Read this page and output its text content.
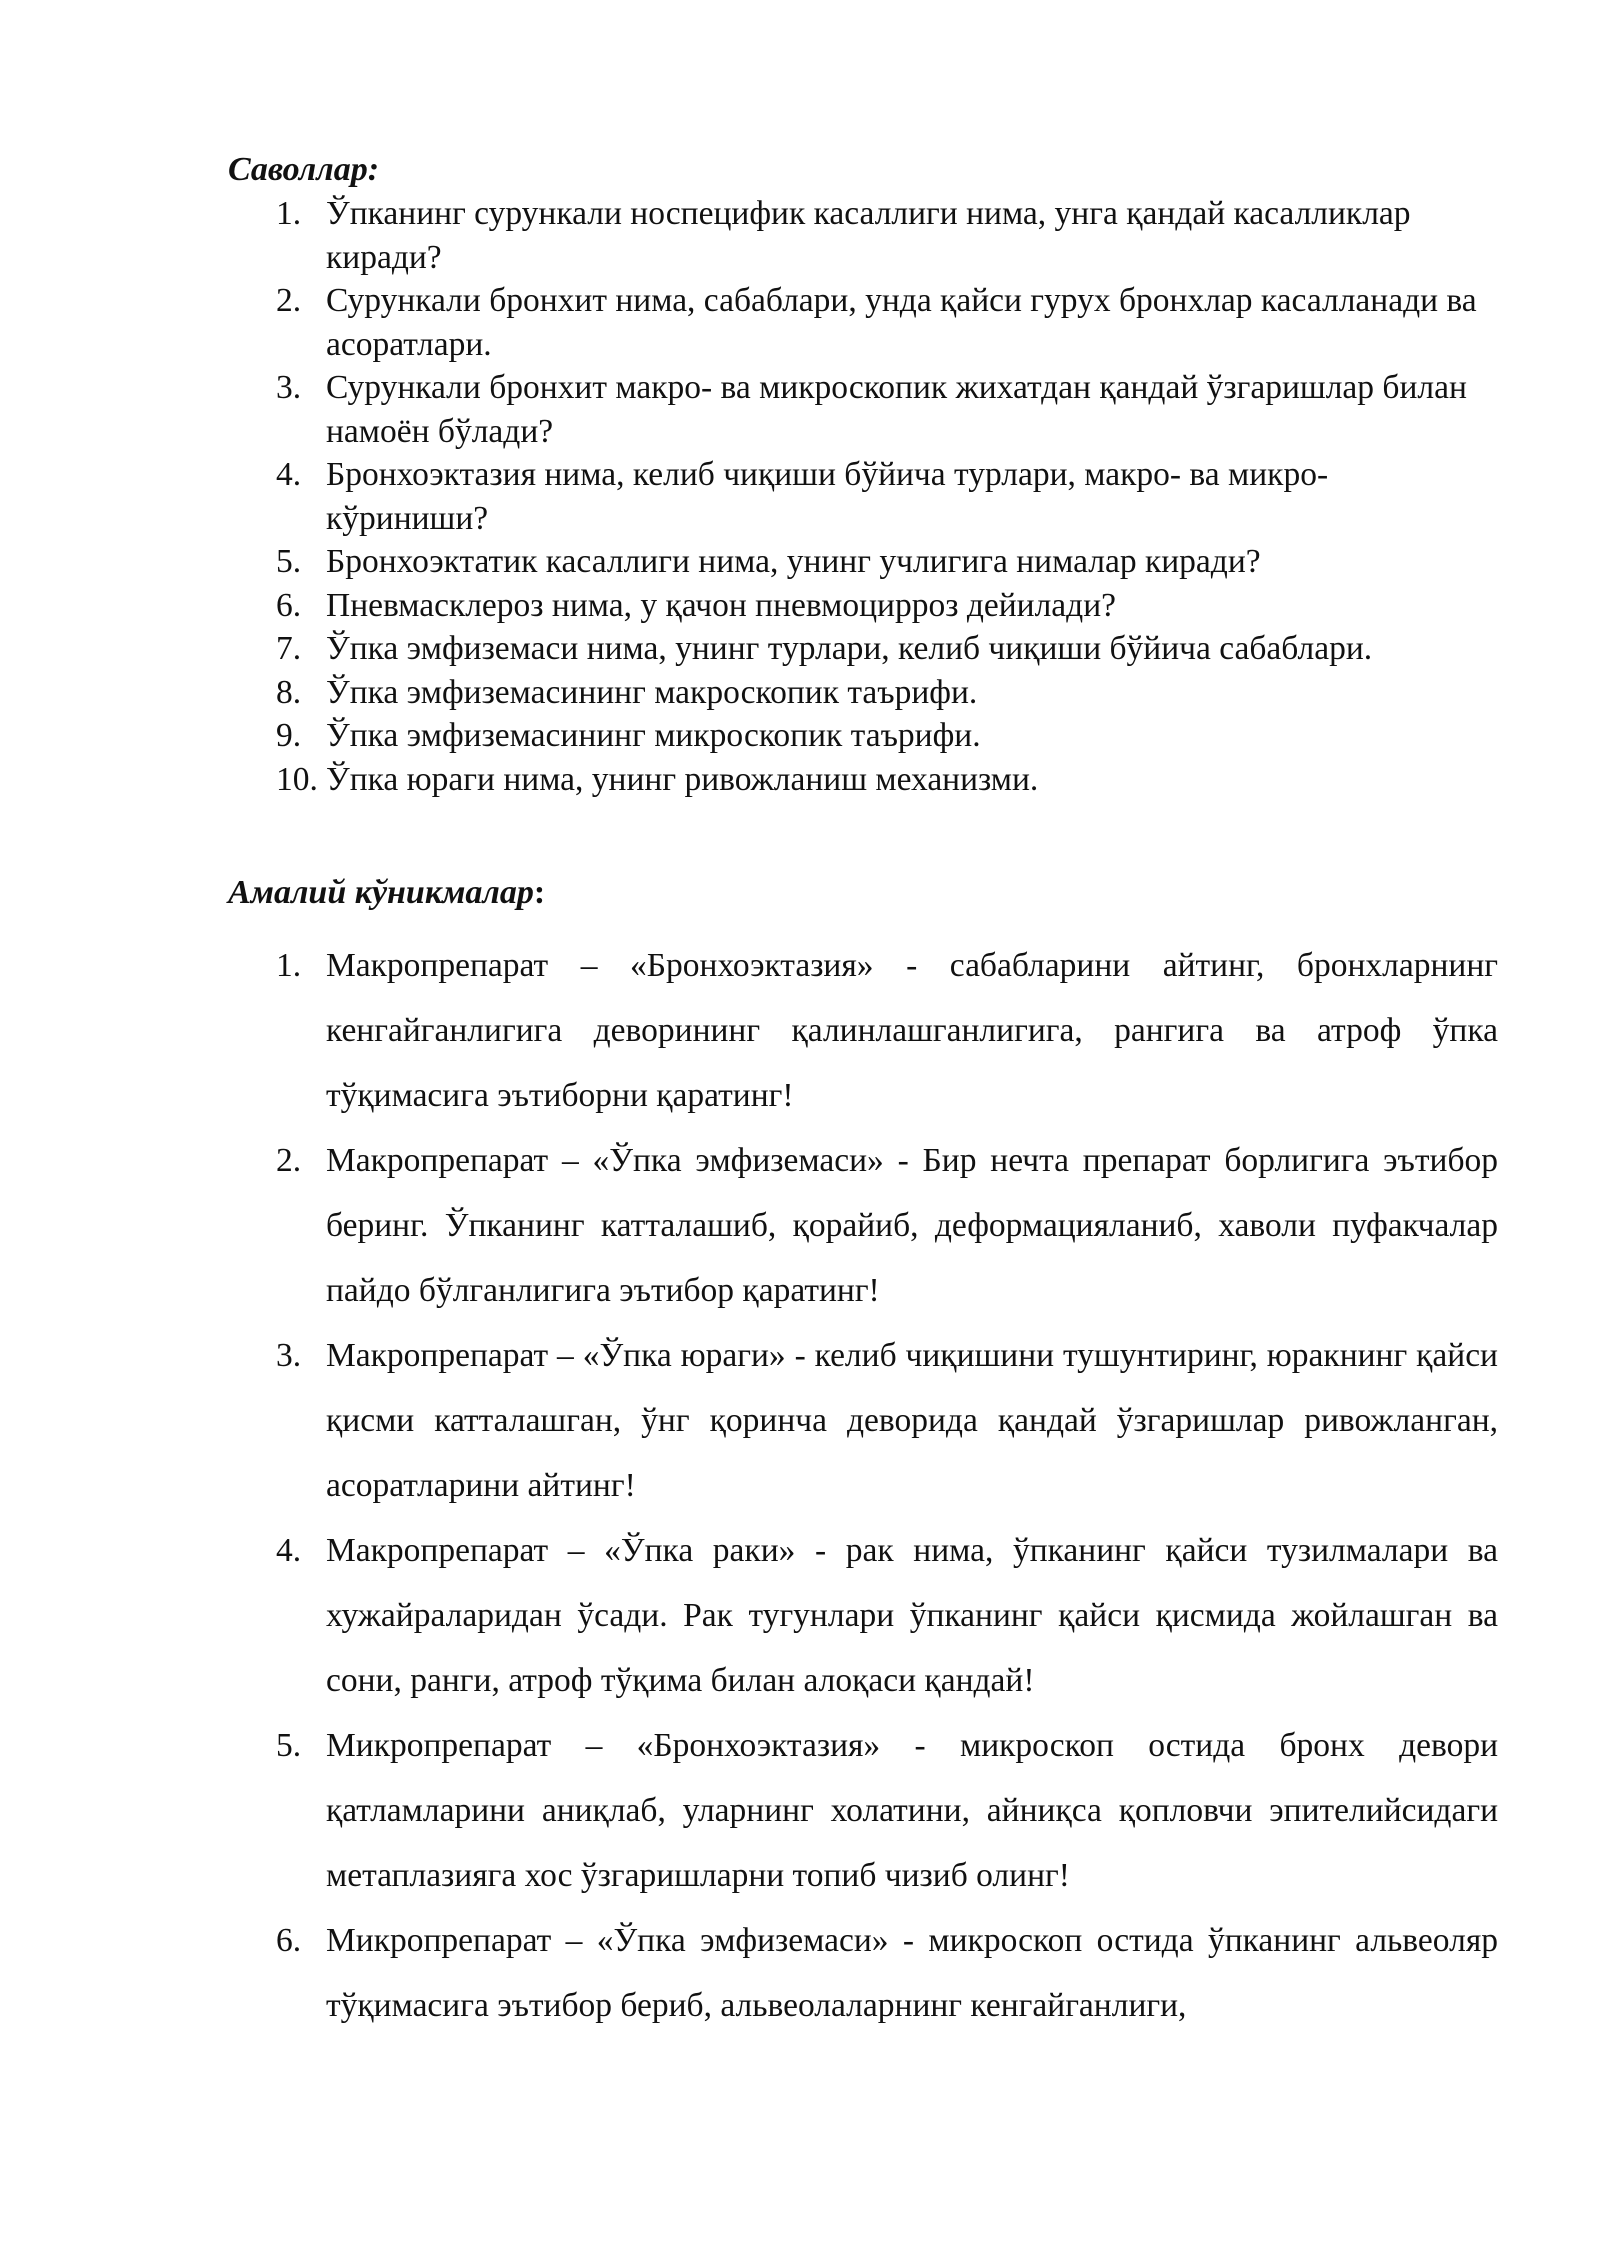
Саволлар:
1. Ўпканинг сурункали носпецифик касаллиги нима, унга қандай касалликлар киради?
2. Сурункали бронхит нима, сабаблари, унда қайси гурух бронхлар касалланади ва асоратлари.
3. Сурункали бронхит макро- ва микроскопик жихатдан қандай ўзгаришлар билан намоён бўлади?
4. Бронхоэктазия нима, келиб чиқиши бўйича турлари, макро- ва микро- кўриниши?
5. Бронхоэктатик касаллиги нима, унинг учлигига нималар киради?
6. Пневмасклероз нима, у қачон пневмоцирроз дейилади?
7. Ўпка эмфиземаси нима, унинг турлари, келиб чиқиши бўйича сабаблари.
8. Ўпка эмфиземасининг макроскопик таърифи.
9. Ўпка эмфиземасининг микроскопик таърифи.
10. Ўпка юраги нима, унинг ривожланиш механизми.
Амалий кўникмалар:
1. Макропрепарат – «Бронхоэктазия» - сабабларини айтинг, бронхларнинг кенгайганлигига деворининг қалинлашганлигига, рангига ва атроф ўпка тўқимасига эътиборни қаратинг!
2. Макропрепарат – «Ўпка эмфиземаси» - Бир нечта препарат борлигига эътибор беринг. Ўпканинг катталашиб, қорайиб, деформацияланиб, хаволи пуфакчалар пайдо бўлганлигига эътибор қаратинг!
3. Макропрепарат – «Ўпка юраги» - келиб чиқишини тушунтиринг, юракнинг қайси қисми катталашган, ўнг қоринча деворида қандай ўзгаришлар ривожланган, асоратларини айтинг!
4. Макропрепарат – «Ўпка раки» - рак нима, ўпканинг қайси тузилмалари ва хужайраларидан ўсади. Рак тугунлари ўпканинг қайси қисмида жойлашган ва сони, ранги, атроф тўқима билан алоқаси қандай!
5. Микропрепарат – «Бронхоэктазия» - микроскоп остида бронх девори қатламларини аниқлаб, уларнинг холатини, айниқса қопловчи эпителийсидаги метаплазияга хос ўзгаришларни топиб чизиб олинг!
6. Микропрепарат – «Ўпка эмфиземаси» - микроскоп остида ўпканинг альвеоляр тўқимасига эътибор бериб, альвеолаларнинг кенгайганлиги,
